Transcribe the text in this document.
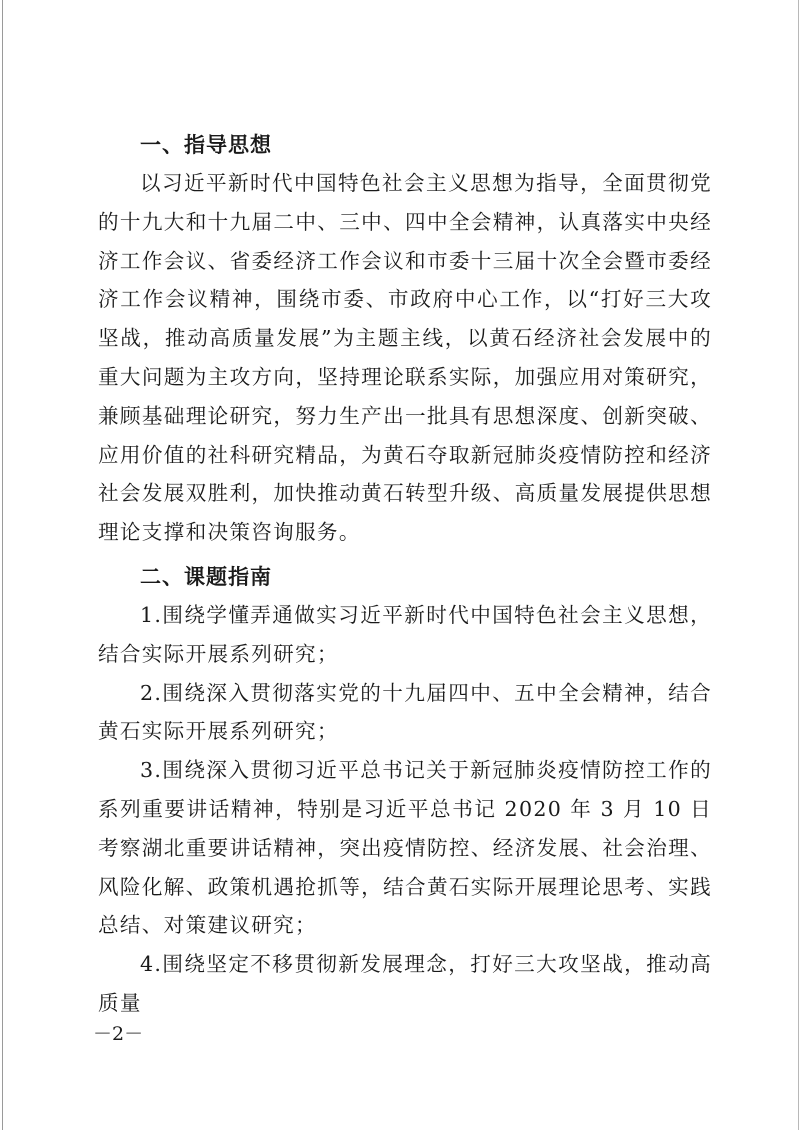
一、指导思想

以习近平新时代中国特色社会主义思想为指导，全面贯彻党的十九大和十九届二中、三中、四中全会精神，认真落实中央经济工作会议、省委经济工作会议和市委十三届十次全会暨市委经济工作会议精神，围绕市委、市政府中心工作，以“打好三大攻坚战，推动高质量发展”为主题主线，以黄石经济社会发展中的重大问题为主攻方向，坚持理论联系实际，加强应用对策研究，兼顾基础理论研究，努力生产出一批具有思想深度、创新突破、应用价值的社科研究精品，为黄石夺取新冠肺炎疫情防控和经济社会发展双胜利，加快推动黄石转型升级、高质量发展提供思想理论支撑和决策咨询服务。

二、课题指南

1.围绕学懂弄通做实习近平新时代中国特色社会主义思想，结合实际开展系列研究；

2.围绕深入贯彻落实党的十九届四中、五中全会精神，结合黄石实际开展系列研究；

3.围绕深入贯彻习近平总书记关于新冠肺炎疫情防控工作的系列重要讲话精神，特别是习近平总书记 2020 年 3 月 10 日考察湖北重要讲话精神，突出疫情防控、经济发展、社会治理、风险化解、政策机遇抢抓等，结合黄石实际开展理论思考、实践总结、对策建议研究；

4.围绕坚定不移贯彻新发展理念，打好三大攻坚战，推动高质量

－2－
